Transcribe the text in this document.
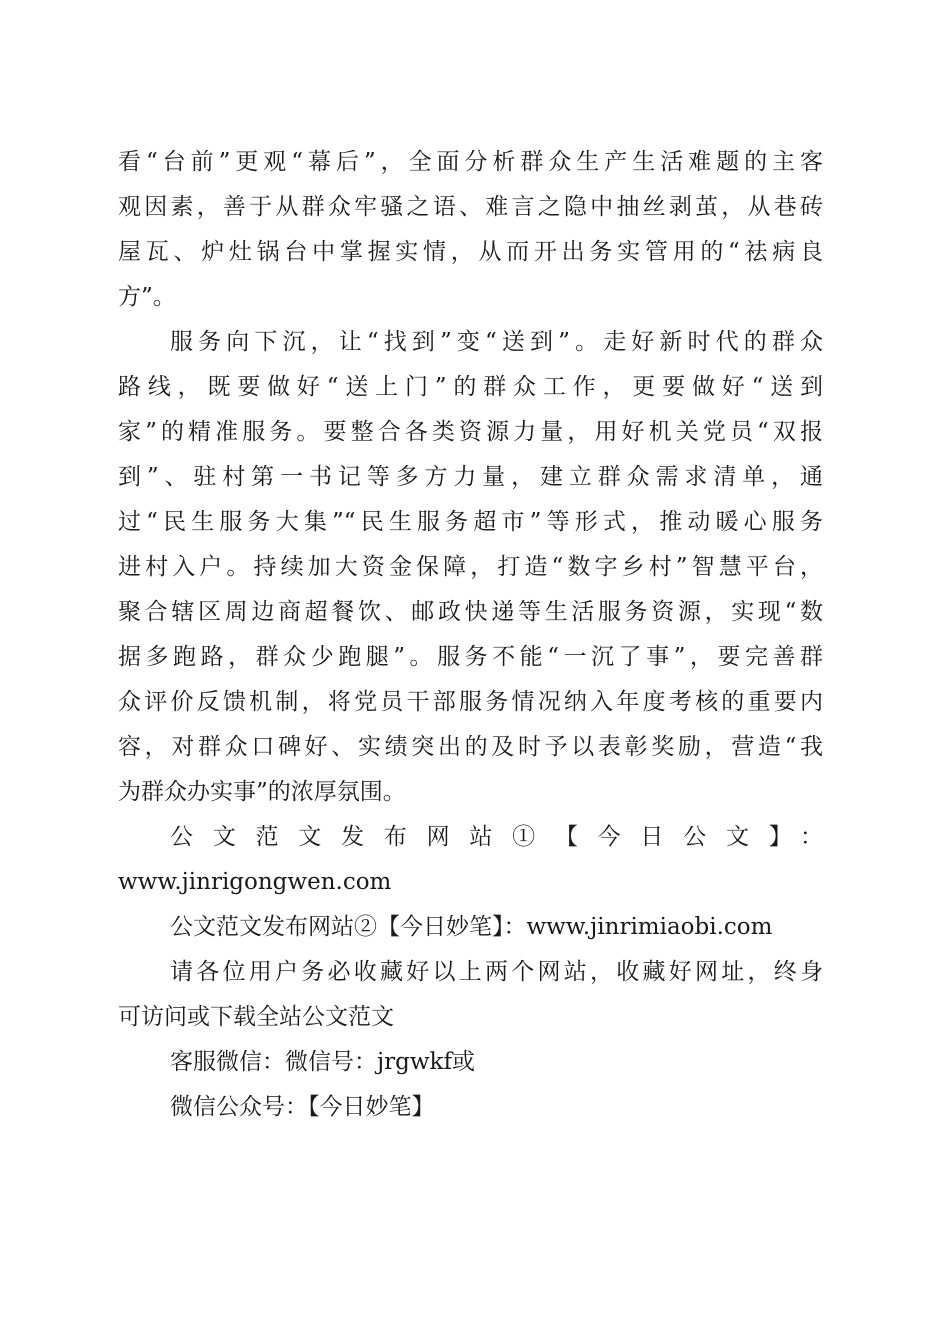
看“台前”更观“幕后”，全面分析群众生产生活难题的主客
观因素，善于从群众牢骚之语、难言之隐中抽丝剥茧，从巷砖
屋瓦、炉灶锅台中掌握实情，从而开出务实管用的“祛病良
方”。
服务向下沉，让“找到”变“送到”。走好新时代的群众
路线，既要做好“送上门”的群众工作，更要做好“送到
家”的精准服务。要整合各类资源力量，用好机关党员“双报
到”、驻村第一书记等多方力量，建立群众需求清单，通
过“民生服务大集”“民生服务超市”等形式，推动暖心服务
进村入户。持续加大资金保障，打造“数字乡村”智慧平台，
聚合辖区周边商超餐饮、邮政快递等生活服务资源，实现“数
据多跑路，群众少跑腿”。服务不能“一沉了事”，要完善群
众评价反馈机制，将党员干部服务情况纳入年度考核的重要内
容，对群众口碑好、实绩突出的及时予以表彰奖励，营造“我
为群众办实事”的浓厚氛围。
公文范文发布网站①【今日公文】：
www.jinrigongwen.com
公文范文发布网站②【今日妙笔】：www.jinrimiaobi.com
请各位用户务必收藏好以上两个网站，收藏好网址，终身
可访问或下载全站公文范文
客服微信：微信号：jrgwkf或
微信公众号：【今日妙笔】
